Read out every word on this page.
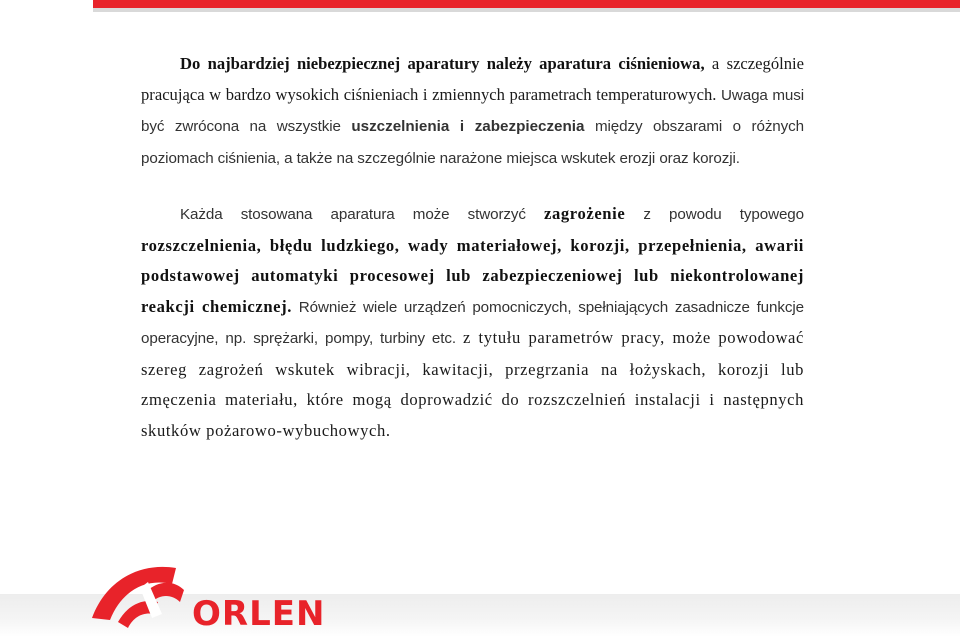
Do najbardziej niebezpiecznej aparatury należy aparatura ciśnieniowa, a szczególnie pracująca w bardzo wysokich ciśnieniach i zmiennych parametrach temperaturowych. Uwaga musi być zwrócona na wszystkie uszczelnienia i zabezpieczenia między obszarami o różnych poziomach ciśnienia, a także na szczególnie narażone miejsca wskutek erozji oraz korozji.

Każda stosowana aparatura może stworzyć zagrożenie z powodu typowego rozszczelnienia, błędu ludzkiego, wady materiałowej, korozji, przepełnienia, awarii podstawowej automatyki procesowej lub zabezpieczeniowej lub niekontrolowanej reakcji chemicznej. Również wiele urządzeń pomocniczych, spełniających zasadnicze funkcje operacyjne, np. sprężarki, pompy, turbiny etc. z tytułu parametrów pracy, może powodować szereg zagrożeń wskutek wibracji, kawitacji, przegrzania na łożyskach, korozji lub zmęczenia materiału, które mogą doprowadzić do rozszczelnień instalacji i następnych skutków pożarowo-wybuchowych.

ORLEN
